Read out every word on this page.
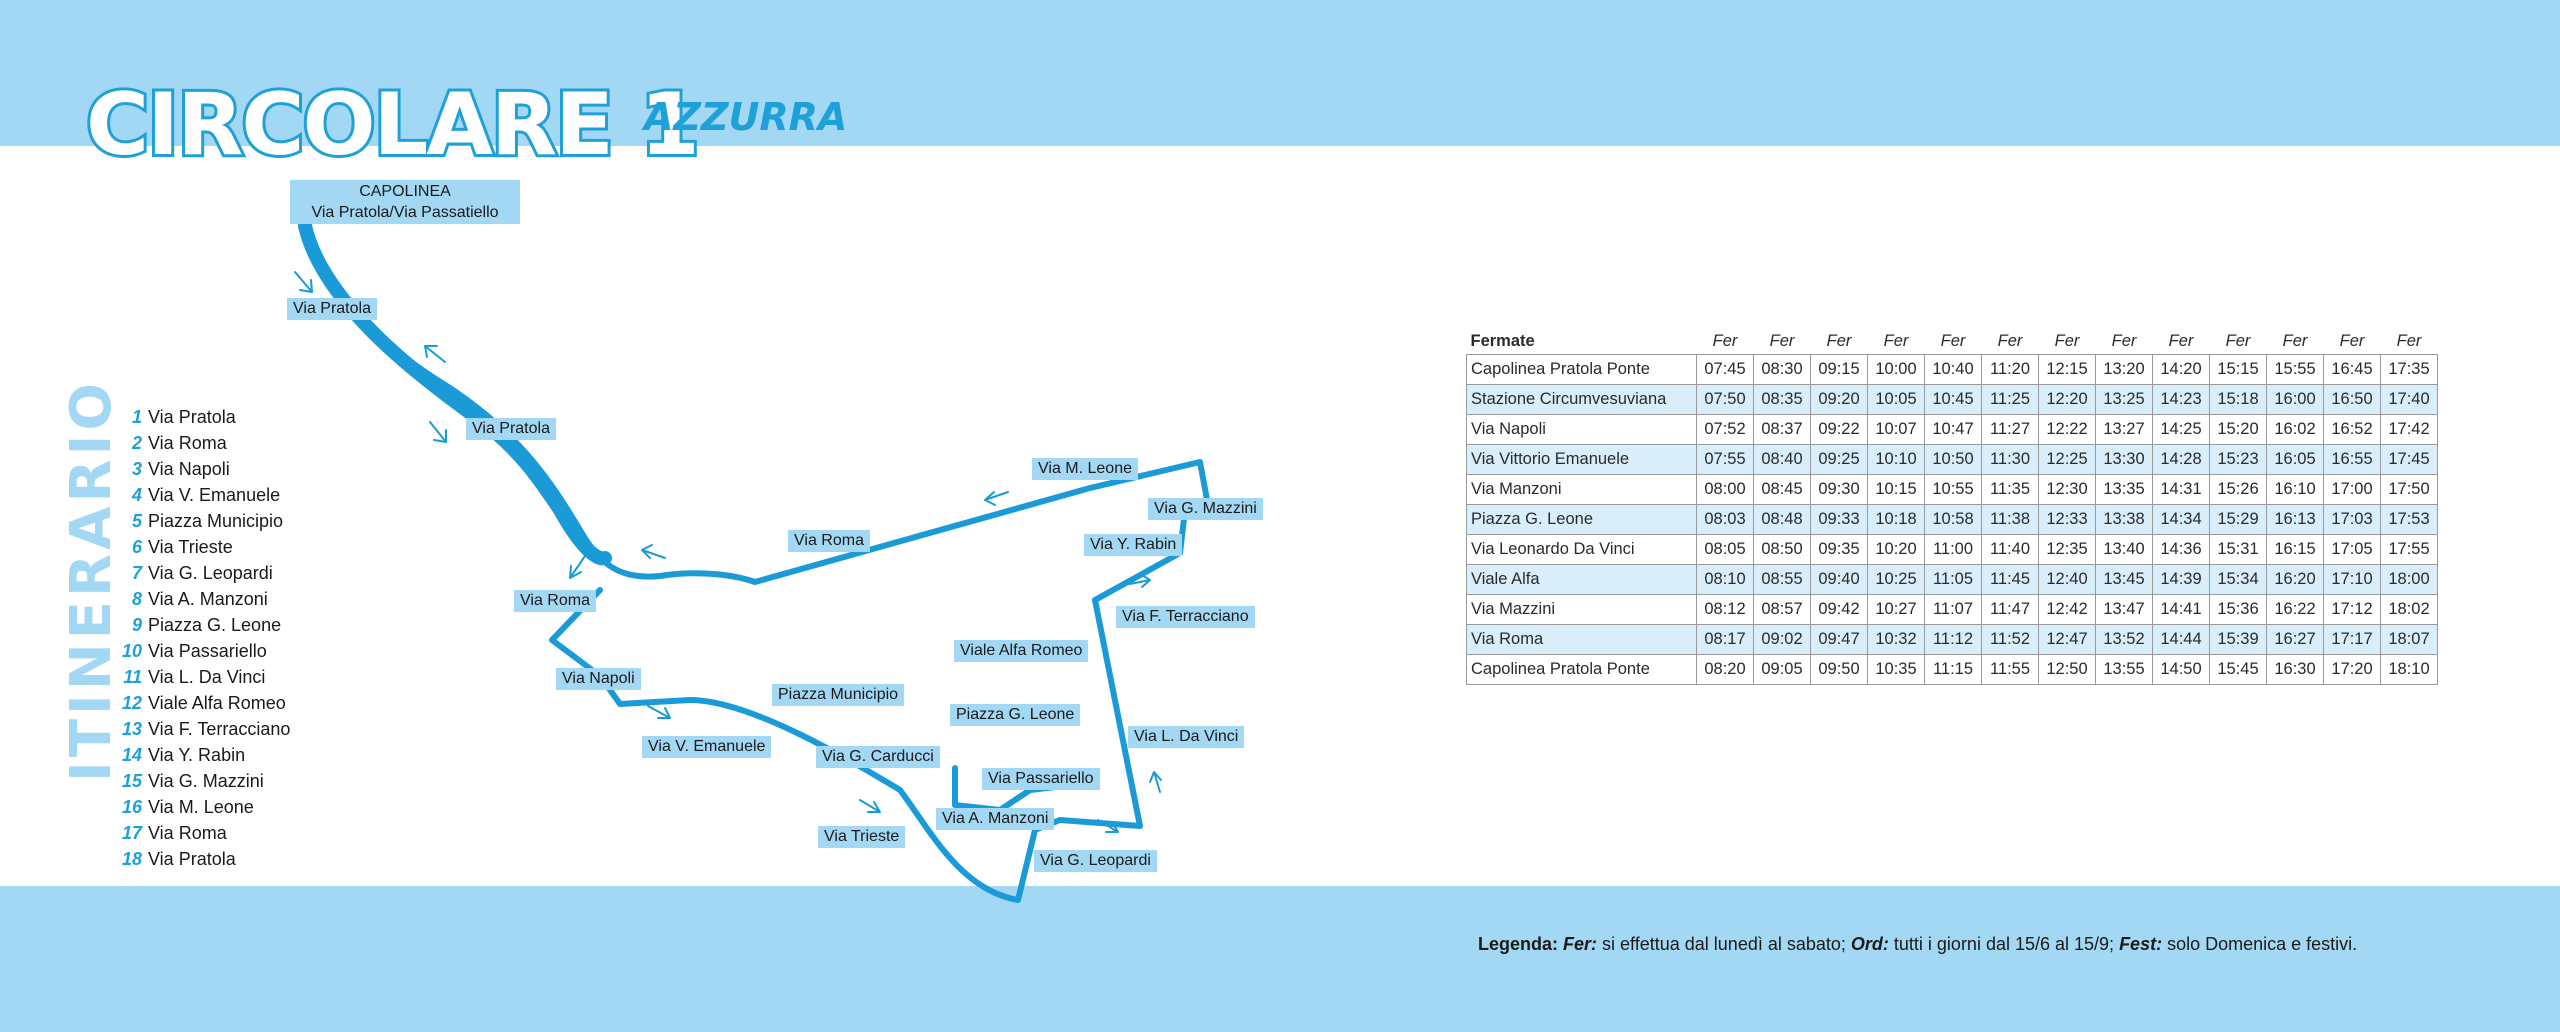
CIRCOLARE 1
AZZURRA
ITINERARIO 1 Via Pratola
2 Via Roma
3 Via Napoli
4 Via V. Emanuele
5 Piazza Municipio
6 Via Trieste
7 Via G. Leopardi
8 Via A. Manzoni
9 Piazza G. Leone
10 Via Passariello
11 Via L. Da Vinci
12 Viale Alfa Romeo
13 Via F. Terracciano
14 Via Y. Rabin
15 Via G. Mazzini
16 Via M. Leone
17 Via Roma
18 Via Pratola
CAPOLINEA
Via Pratola/Via Passatiello
Via Pratola
Via Pratola
Via Roma
Via Roma
Via M. Leone
Via G. Mazzini
Via Y. Rabin
Via F. Terracciano
Viale Alfa Romeo
Via Napoli
Piazza Municipio
Piazza G. Leone
Via L. Da Vinci
Via V. Emanuele
Via G. Carducci
Via Passariello
Via A. Manzoni
Via Trieste
Via G. Leopardi
Fermate	Fer	Fer	Fer	Fer	Fer	Fer	Fer	Fer	Fer	Fer	Fer	Fer	Fer
Capolinea Pratola Ponte	07:45	08:30	09:15	10:00	10:40	11:20	12:15	13:20	14:20	15:15	15:55	16:45	17:35
Stazione Circumvesuviana	07:50	08:35	09:20	10:05	10:45	11:25	12:20	13:25	14:23	15:18	16:00	16:50	17:40
Via Napoli	07:52	08:37	09:22	10:07	10:47	11:27	12:22	13:27	14:25	15:20	16:02	16:52	17:42
Via Vittorio Emanuele	07:55	08:40	09:25	10:10	10:50	11:30	12:25	13:30	14:28	15:23	16:05	16:55	17:45
Via Manzoni	08:00	08:45	09:30	10:15	10:55	11:35	12:30	13:35	14:31	15:26	16:10	17:00	17:50
Piazza G. Leone	08:03	08:48	09:33	10:18	10:58	11:38	12:33	13:38	14:34	15:29	16:13	17:03	17:53
Via Leonardo Da Vinci	08:05	08:50	09:35	10:20	11:00	11:40	12:35	13:40	14:36	15:31	16:15	17:05	17:55
Viale Alfa	08:10	08:55	09:40	10:25	11:05	11:45	12:40	13:45	14:39	15:34	16:20	17:10	18:00
Via Mazzini	08:12	08:57	09:42	10:27	11:07	11:47	12:42	13:47	14:41	15:36	16:22	17:12	18:02
Via Roma	08:17	09:02	09:47	10:32	11:12	11:52	12:47	13:52	14:44	15:39	16:27	17:17	18:07
Capolinea Pratola Ponte	08:20	09:05	09:50	10:35	11:15	11:55	12:50	13:55	14:50	15:45	16:30	17:20	18:10
Legenda: Fer: si effettua dal lunedì al sabato; Ord: tutti i giorni dal 15/6 al 15/9; Fest: solo Domenica e festivi.
